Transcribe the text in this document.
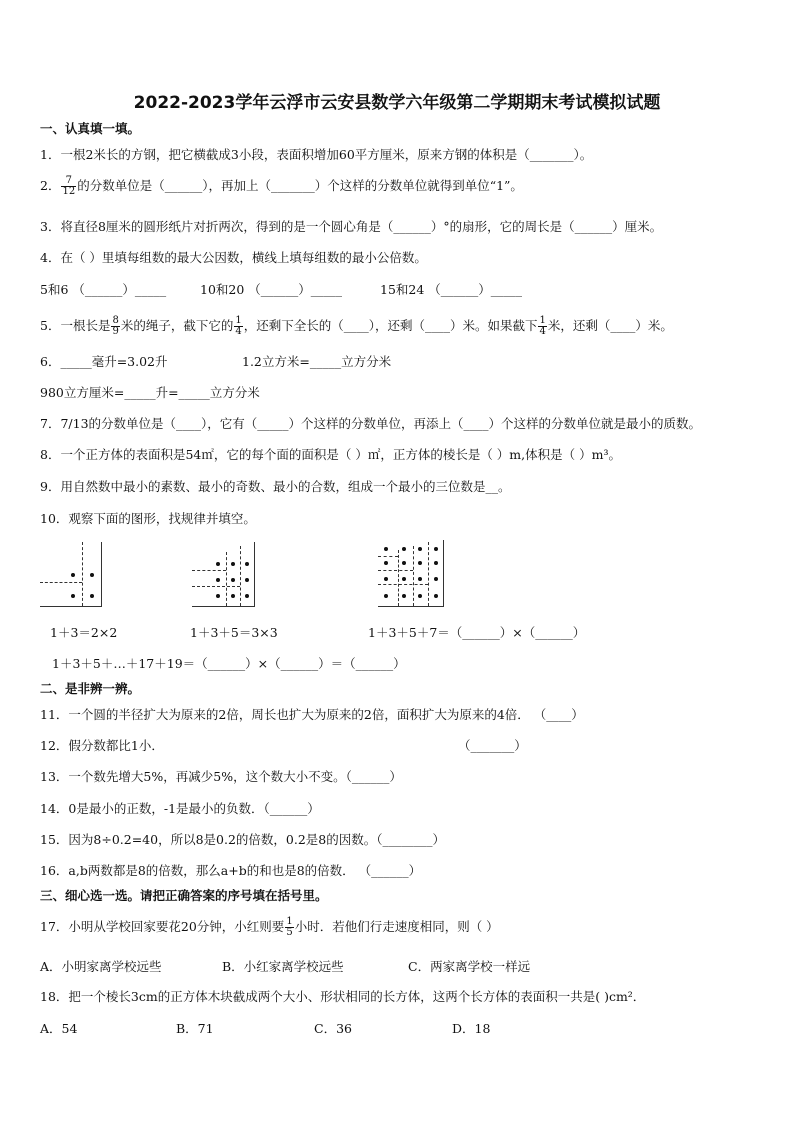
2022-2023学年云浮市云安县数学六年级第二学期期末考试模拟试题
一、认真填一填。
1．一根2米长的方钢，把它横截成3小段，表面积增加60平方厘米，原来方钢的体积是（_______）。
2． $\frac{7}{12}$ 的分数单位是（______），再加上（_______）个这样的分数单位就得到单位“1”。
3．将直径8厘米的圆形纸片对折两次，得到的是一个圆心角是（______）°的扇形，它的周长是（______）厘米。
4．在（ ）里填每组数的最大公因数，横线上填每组数的最小公倍数。
5和6 （______）_____	10和20 （______）_____	15和24 （______）_____
5．一根长是 $\frac{8}{9}$ 米的绳子，截下它的 $\frac{1}{4}$ ，还剩下全长的（____），还剩（____）米。如果截下 $\frac{1}{4}$ 米，还剩（____）米。
6．_____毫升=3.02升	1.2立方米=_____立方分米
980立方厘米=_____升=_____立方分米
7．7/13的分数单位是（____），它有（_____）个这样的分数单位，再添上（____）个这样的分数单位就是最小的质数。
8．一个正方体的表面积是54㎡，它的每个面的面积是（ ）㎡，正方体的棱长是（ ）m,体积是（ ）m³。
9．用自然数中最小的素数、最小的奇数、最小的合数，组成一个最小的三位数是__。
10．观察下面的图形，找规律并填空。
1＋3＝2×2	1＋3＋5＝3×3	1＋3＋5＋7＝（______）×（______）
1＋3＋5＋…＋17＋19＝（______）×（______）＝（______）
二、是非辨一辨。
11．一个圆的半径扩大为原来的2倍，周长也扩大为原来的2倍，面积扩大为原来的4倍． （____）
12．假分数都比1小．	（_______）
13．一个数先增大5%，再减少5%，这个数大小不变。（______）
14．0是最小的正数，-1是最小的负数．（______）
15．因为8÷0.2=40，所以8是0.2的倍数，0.2是8的因数。（________）
16．a,b两数都是8的倍数，那么a+b的和也是8的倍数． （______）
三、细心选一选。请把正确答案的序号填在括号里。
17．小明从学校回家要花20分钟，小红则要 $\frac{1}{5}$ 小时．若他们行走速度相同，则（ ）
A．小明家离学校远些	B．小红家离学校远些	C．两家离学校一样远
18．把一个棱长3cm的正方体木块截成两个大小、形状相同的长方体，这两个长方体的表面积一共是( )cm²．
A．54	B．71	C．36	D．18
